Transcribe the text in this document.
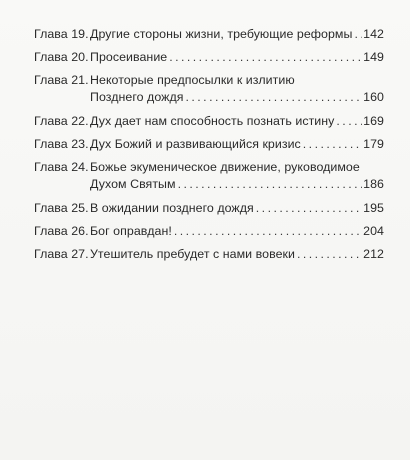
Глава 19. Другие стороны жизни, требующие реформы . . . 142
Глава 20. Просеивание . . .	149
Глава 21. Некоторые предпосылки к излитию
Позднего дождя . . .	160
Глава 22. Дух дает нам способность познать истину . . . 169
Глава 23. Дух Божий и развивающийся кризис . . .	179
Глава 24. Божье экуменическое движение, руководимое
Духом Святым . . .	186
Глава 25. В ожидании позднего дождя . . .	195
Глава 26. Бог оправдан! . . .	204
Глава 27. Утешитель пребудет с нами вовеки . . .	212
